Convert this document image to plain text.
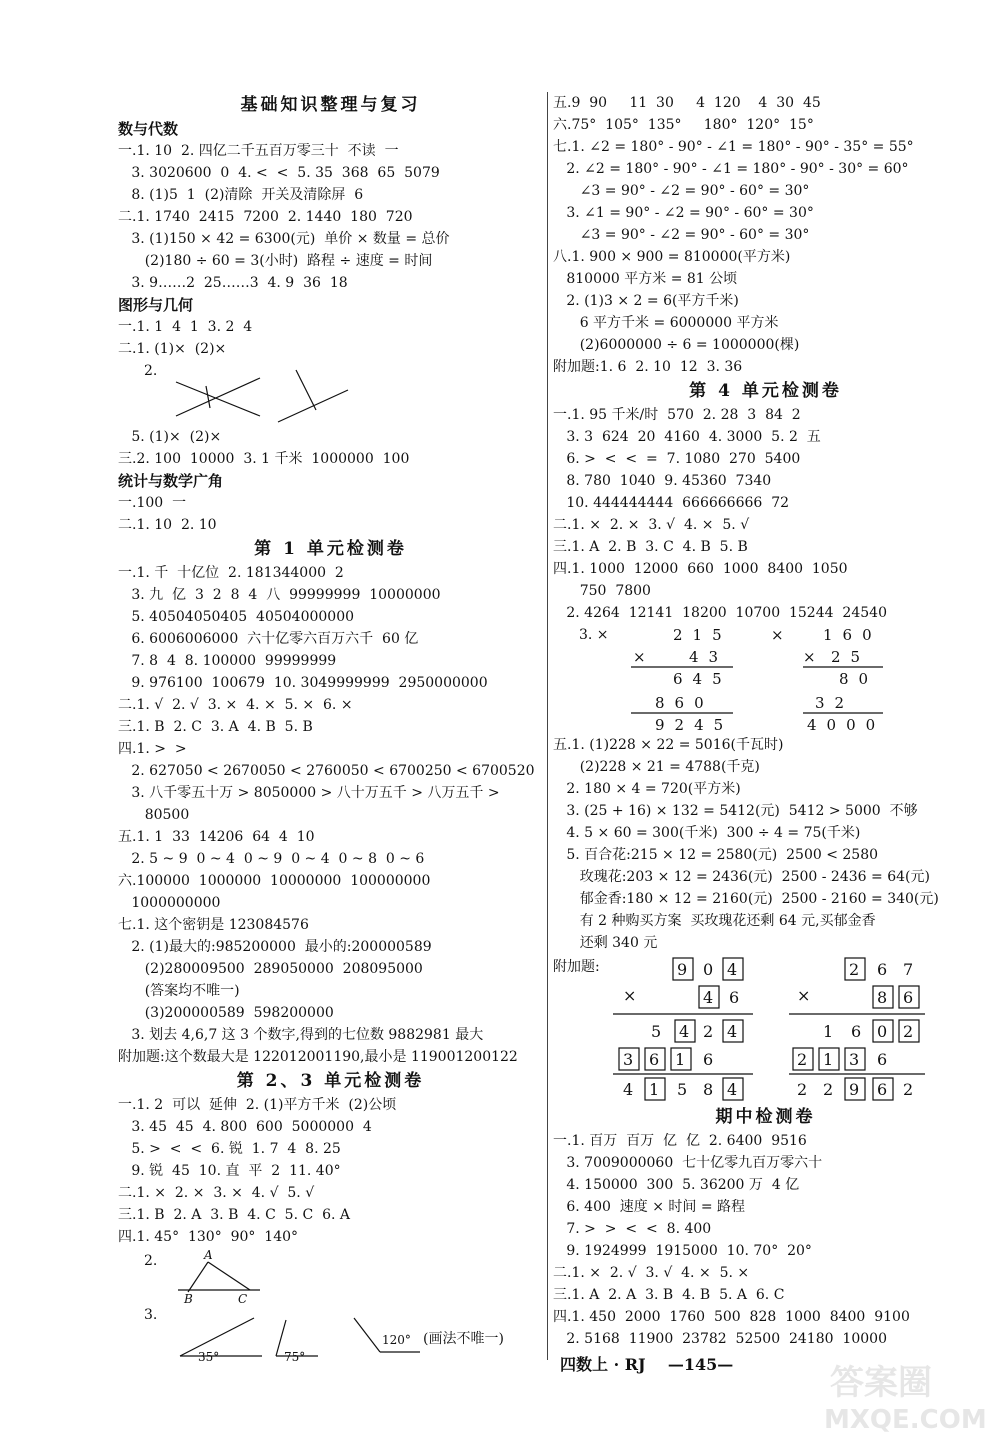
基础知识整理与复习
数与代数
一.1. 10  2. 四亿二千五百万零三十  不读  一
3. 3020600  0  4. <  <  5. 35  368  65  5079
8. (1)5  1  (2)清除  开关及清除屏  6
二.1. 1740  2415  7200  2. 1440  180  720
3. (1)150 × 42 = 6300(元)  单价 × 数量 = 总价
(2)180 ÷ 60 = 3(小时)  路程 ÷ 速度 = 时间
3. 9……2  25……3  4. 9  36  18
图形与几何
一.1. 1  4  1  3. 2  4
二.1. (1)×  (2)×
2.
5. (1)×  (2)×
三.2. 100  10000  3. 1 千米  1000000  100
统计与数学广角
一.100  一
二.1. 10  2. 10
第 1 单元检测卷
一.1. 千  十亿位  2. 181344000  2
3. 九  亿  3  2  8  4  八  99999999  10000000
5. 40504050405  40504000000
6. 6006006000  六十亿零六百万六千  60 亿
7. 8  4  8. 100000  99999999
9. 976100  100679  10. 3049999999  2950000000
二.1. √  2. √  3. ×  4. ×  5. ×  6. ×
三.1. B  2. C  3. A  4. B  5. B
四.1. >  >
2. 627050 < 2670050 < 2760050 < 6700250 < 6700520
3. 八千零五十万 > 8050000 > 八十万五千 > 八万五千 >
80500
五.1. 1  33  14206  64  4  10
2. 5 ~ 9  0 ~ 4  0 ~ 9  0 ~ 4  0 ~ 8  0 ~ 6
六.100000  1000000  10000000  100000000
1000000000
七.1. 这个密钥是 123084576
2. (1)最大的:985200000  最小的:200000589
(2)280009500  289050000  208095000
(答案均不唯一)
(3)200000589  598200000
3. 划去 4,6,7 这 3 个数字,得到的七位数 9882981 最大
附加题:这个数最大是 12201200119​0,最小是 11900120012​2
第 2、3 单元检测卷
一.1. 2  可以  延伸  2. (1)平方千米  (2)公顷
3. 45  45  4. 800  600  5000000  4
5. >  <  <  6. 锐  1. 7  4  8. 25
9. 锐  45  10. 直  平  2  11. 40°
二.1. ×  2. ×  3. ×  4. √  5. √
三.1. B  2. A  3. B  4. C  5. C  6. A
四.1. 45°  130°  90°  140°
2.	A
B	C
3.
35°	75°
120° (画法不唯一)
五.9  90     11  30     4  120    4  30  45
六.75°  105°  135°     180°  120°  15°
七.1. ∠2 = 180° - 90° - ∠1 = 180° - 90° - 35° = 55°
2. ∠2 = 180° - 90° - ∠1 = 180° - 90° - 30° = 60°
∠3 = 90° - ∠2 = 90° - 60° = 30°
3. ∠1 = 90° - ∠2 = 90° - 60° = 30°
∠3 = 90° - ∠2 = 90° - 60° = 30°
八.1. 900 × 900 = 810000(平方米)
810000 平方米 = 81 公顷
2. (1)3 × 2 = 6(平方千米)
6 平方千米 = 6000000 平方米
(2)6000000 ÷ 6 = 1000000(棵)
附加题:1. 6  2. 10  12  3. 36
第 4 单元检测卷
一.1. 95 千米/时  570  2. 28  3  84  2
3. 3  624  20  4160  4. 3000  5. 2  五
6. >  <  <  =  7. 1080  270  5400
8. 780  1040  9. 45360  7340
10. 444444444  666666666  72
二.1. ×  2. ×  3. √  4. ×  5. √
三.1. A  2. B  3. C  4. B  5. B
四.1. 1000  12000  660  1000  8400  1050
750  7800
2. 4264  12141  18200  10700  15244  24540
3. ×	215
× 43
645
860
9245
×	160
× 25
80
32
4000
五.1. (1)228 × 22 = 5016(千瓦时)
(2)228 × 21 = 4788(千克)
2. 180 × 4 = 720(平方米)
3. (25 + 16) × 132 = 5412(元)  5412 > 5000  不够
4. 5 × 60 = 300(千米)  300 ÷ 4 = 75(千米)
5. 百合花:215 × 12 = 2580(元)  2500 < 2580
玫瑰花:203 × 12 = 2436(元)  2500 - 2436 = 64(元)
郁金香:180 × 12 = 2160(元)  2500 - 2160 = 340(元)
有 2 种购买方案  买玫瑰花还剩 64 元,买郁金香
还剩 340 元
附加题:	9 0 4
×	4 6
5 4 2 4
3 6 1 6
4 1 5 8 4
2 6 7
×	8 6
1 6 0 2
2 1 3 6
2 2 9 6 2
期中检测卷
一.1. 百万  百万  亿  亿  2. 6400  9516
3. 7009000060  七十亿零九百万零六十
4. 150000  300  5. 36200 万  4 亿
6. 400  速度 × 时间 = 路程
7. >  >  <  <  8. 400
9. 1924999  1915000  10. 70°  20°
二.1. ×  2. √  3. √  4. ×  5. ×
三.1. A  2. A  3. B  4. B  5. A  6. C
四.1. 450  2000  1760  500  828  1000  8400  9100
2. 5168  11900  23782  52500  24180  10000
四数上 · RJ    —145—	答案圈
MXQE.COM
